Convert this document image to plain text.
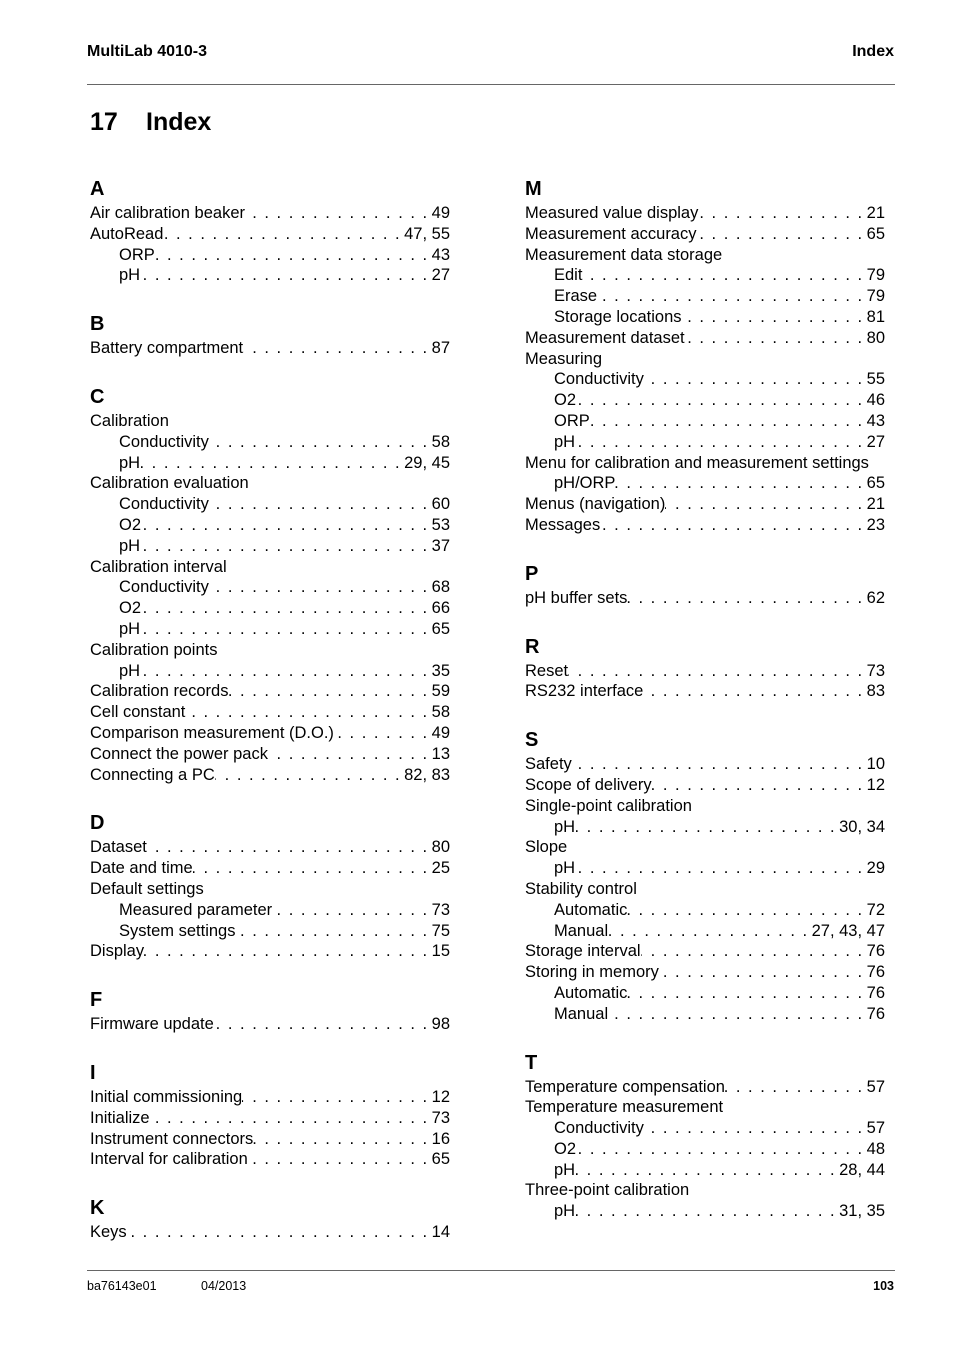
MultiLab 4010-3	Index
17 Index
A
Air calibration beaker . . .	49
AutoRead . . .	47, 55
ORP . . .	43
pH . . .	27
B
Battery compartment . . .	87
C
Calibration
Conductivity . . .	58
pH . . .	29, 45
Calibration evaluation
Conductivity . . .	60
O2 . . .	53
pH . . .	37
Calibration interval
Conductivity . . .	68
O2 . . .	66
pH . . .	65
Calibration points
pH . . .	35
Calibration records . . .	59
Cell constant . . .	58
Comparison measurement (D.O.) . . .	49
Connect the power pack . . .	13
Connecting a PC . . .	82, 83
D
Dataset . . .	80
Date and time . . .	25
Default settings
Measured parameter . . .	73
System settings . . .	75
Display . . .	15
F
Firmware update . . .	98
I
Initial commissioning . . .	12
Initialize . . .	73
Instrument connectors . . .	16
Interval for calibration . . .	65
K
Keys . . .	14
M
Measured value display . . .	21
Measurement accuracy . . .	65
Measurement data storage
Edit . . .	79
Erase . . .	79
Storage locations . . .	81
Measurement dataset . . .	80
Measuring
Conductivity . . .	55
O2 . . .	46
ORP . . .	43
pH . . .	27
Menu for calibration and measurement settings
pH/ORP . . .	65
Menus (navigation) . . .	21
Messages . . .	23
P
pH buffer sets . . .	62
R
Reset . . .	73
RS232 interface . . .	83
S
Safety . . .	10
Scope of delivery . . .	12
Single-point calibration
pH . . .	30, 34
Slope
pH . . .	29
Stability control
Automatic . . .	72
Manual . . .	27, 43, 47
Storage interval . . .	76
Storing in memory . . .	76
Automatic . . .	76
Manual . . .	76
T
Temperature compensation . . .	57
Temperature measurement
Conductivity . . .	57
O2 . . .	48
pH . . .	28, 44
Three-point calibration
pH . . .	31, 35
ba76143e01	04/2013	103
